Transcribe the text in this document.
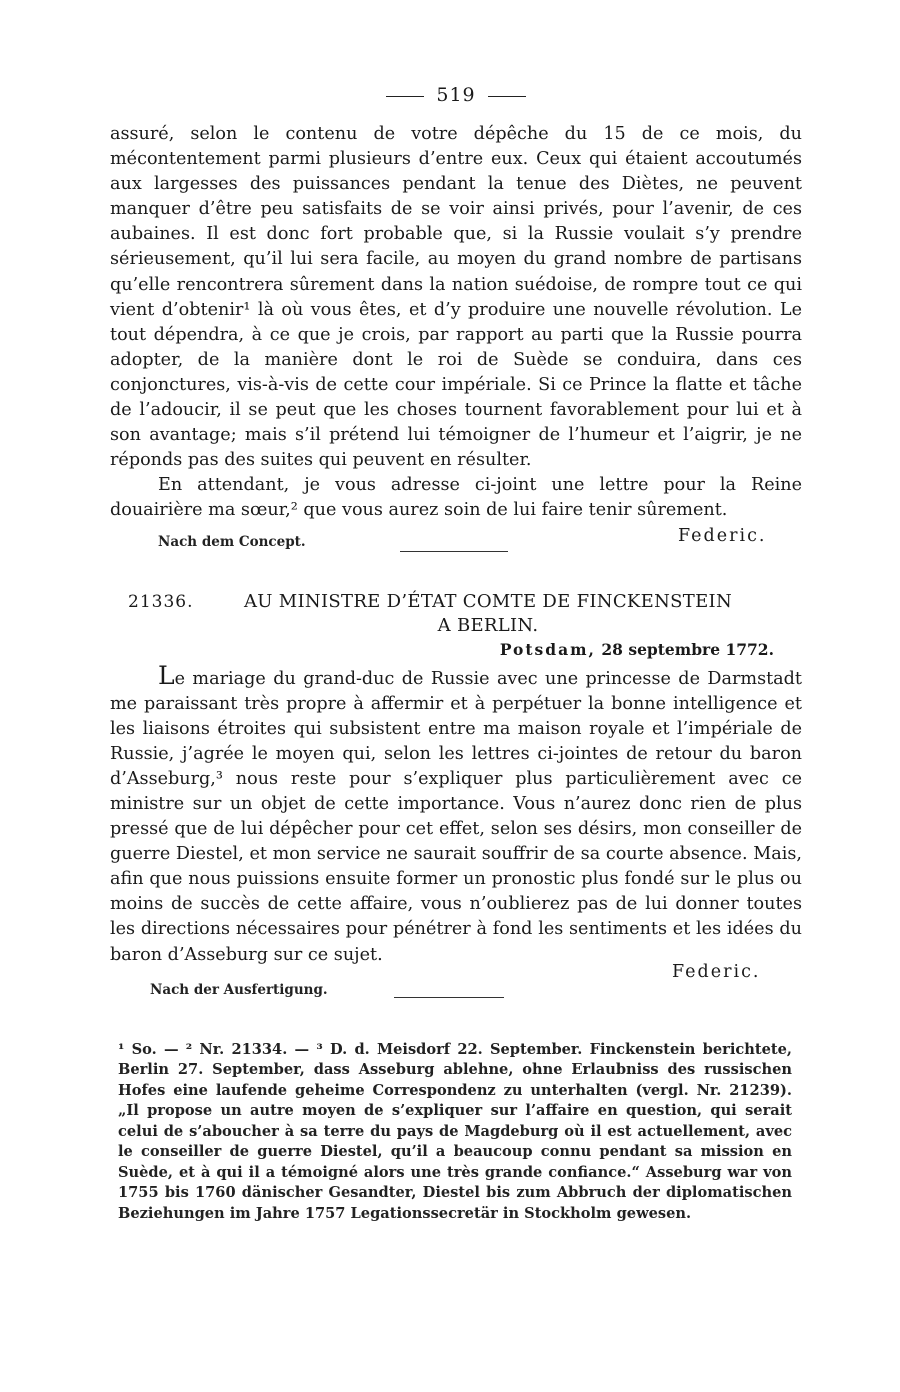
519

assuré, selon le contenu de votre dépêche du 15 de ce mois, du mécontentement parmi plusieurs d’entre eux. Ceux qui étaient accoutumés aux largesses des puissances pendant la tenue des Diètes, ne peuvent manquer d’être peu satisfaits de se voir ainsi privés, pour l’avenir, de ces aubaines. Il est donc fort probable que, si la Russie voulait s’y prendre sérieusement, qu’il lui sera facile, au moyen du grand nombre de partisans qu’elle rencontrera sûrement dans la nation suédoise, de rompre tout ce qui vient d’obtenir¹ là où vous êtes, et d’y produire une nouvelle révolution. Le tout dépendra, à ce que je crois, par rapport au parti que la Russie pourra adopter, de la manière dont le roi de Suède se conduira, dans ces conjonctures, vis-à-vis de cette cour impériale. Si ce Prince la flatte et tâche de l’adoucir, il se peut que les choses tournent favorablement pour lui et à son avantage; mais s’il prétend lui témoigner de l’humeur et l’aigrir, je ne réponds pas des suites qui peuvent en résulter.

En attendant, je vous adresse ci-joint une lettre pour la Reine douairière ma sœur,² que vous aurez soin de lui faire tenir sûrement.

Nach dem Concept.	Federic.
21336.	AU MINISTRE D’ÉTAT COMTE DE FINCKENSTEIN
A BERLIN.
Potsdam, 28 septembre 1772.

Le mariage du grand-duc de Russie avec une princesse de Darmstadt me paraissant très propre à affermir et à perpétuer la bonne intelligence et les liaisons étroites qui subsistent entre ma maison royale et l’impériale de Russie, j’agrée le moyen qui, selon les lettres ci-jointes de retour du baron d’Asseburg,³ nous reste pour s’expliquer plus particulièrement avec ce ministre sur un objet de cette importance. Vous n’aurez donc rien de plus pressé que de lui dépêcher pour cet effet, selon ses désirs, mon conseiller de guerre Diestel, et mon service ne saurait souffrir de sa courte absence. Mais, afin que nous puissions ensuite former un pronostic plus fondé sur le plus ou moins de succès de cette affaire, vous n’oublierez pas de lui donner toutes les directions nécessaires pour pénétrer à fond les sentiments et les idées du baron d’Asseburg sur ce sujet.

Nach der Ausfertigung.
Federic.
¹ So. — ² Nr. 21334. — ³ D. d. Meisdorf 22. September. Finckenstein berichtete, Berlin 27. September, dass Asseburg ablehne, ohne Erlaubniss des russischen Hofes eine laufende geheime Correspondenz zu unterhalten (vergl. Nr. 21239). „Il propose un autre moyen de s’expliquer sur l’affaire en question, qui serait celui de s’aboucher à sa terre du pays de Magdeburg où il est actuellement, avec le conseiller de guerre Diestel, qu’il a beaucoup connu pendant sa mission en Suède, et à qui il a témoigné alors une très grande confiance.“ Asseburg war von 1755 bis 1760 dänischer Gesandter, Diestel bis zum Abbruch der diplomatischen Beziehungen im Jahre 1757 Legationssecretär in Stockholm gewesen.
